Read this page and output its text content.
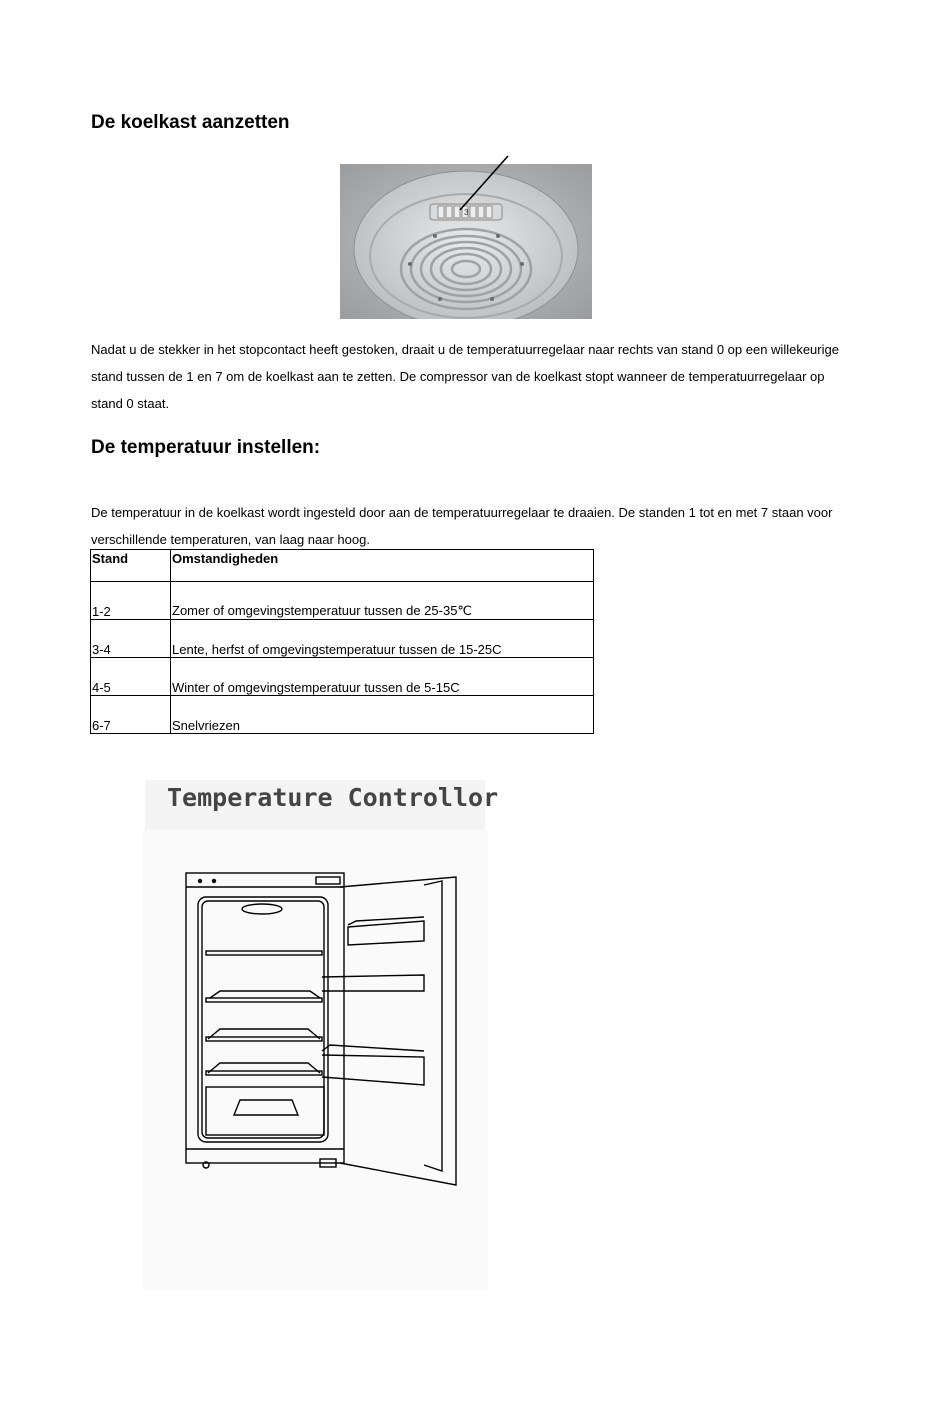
De koelkast aanzetten
3
Nadat u de stekker in het stopcontact heeft gestoken, draait u de temperatuurregelaar naar rechts van stand 0 op een willekeurige stand tussen de 1 en 7 om de koelkast aan te zetten. De compressor van de koelkast stopt wanneer de temperatuurregelaar op stand 0 staat.
De temperatuur instellen:
De temperatuur in de koelkast wordt ingesteld door aan de temperatuurregelaar te draaien. De standen 1 tot en met 7 staan voor verschillende temperaturen, van laag naar hoog.
Stand	Omstandigheden
1-2	Zomer of omgevingstemperatuur tussen de 25-35℃
3-4	Lente, herfst of omgevingstemperatuur tussen de 15-25C
4-5	Winter of omgevingstemperatuur tussen de 5-15C
6-7	Snelvriezen
Temperature Controllor
